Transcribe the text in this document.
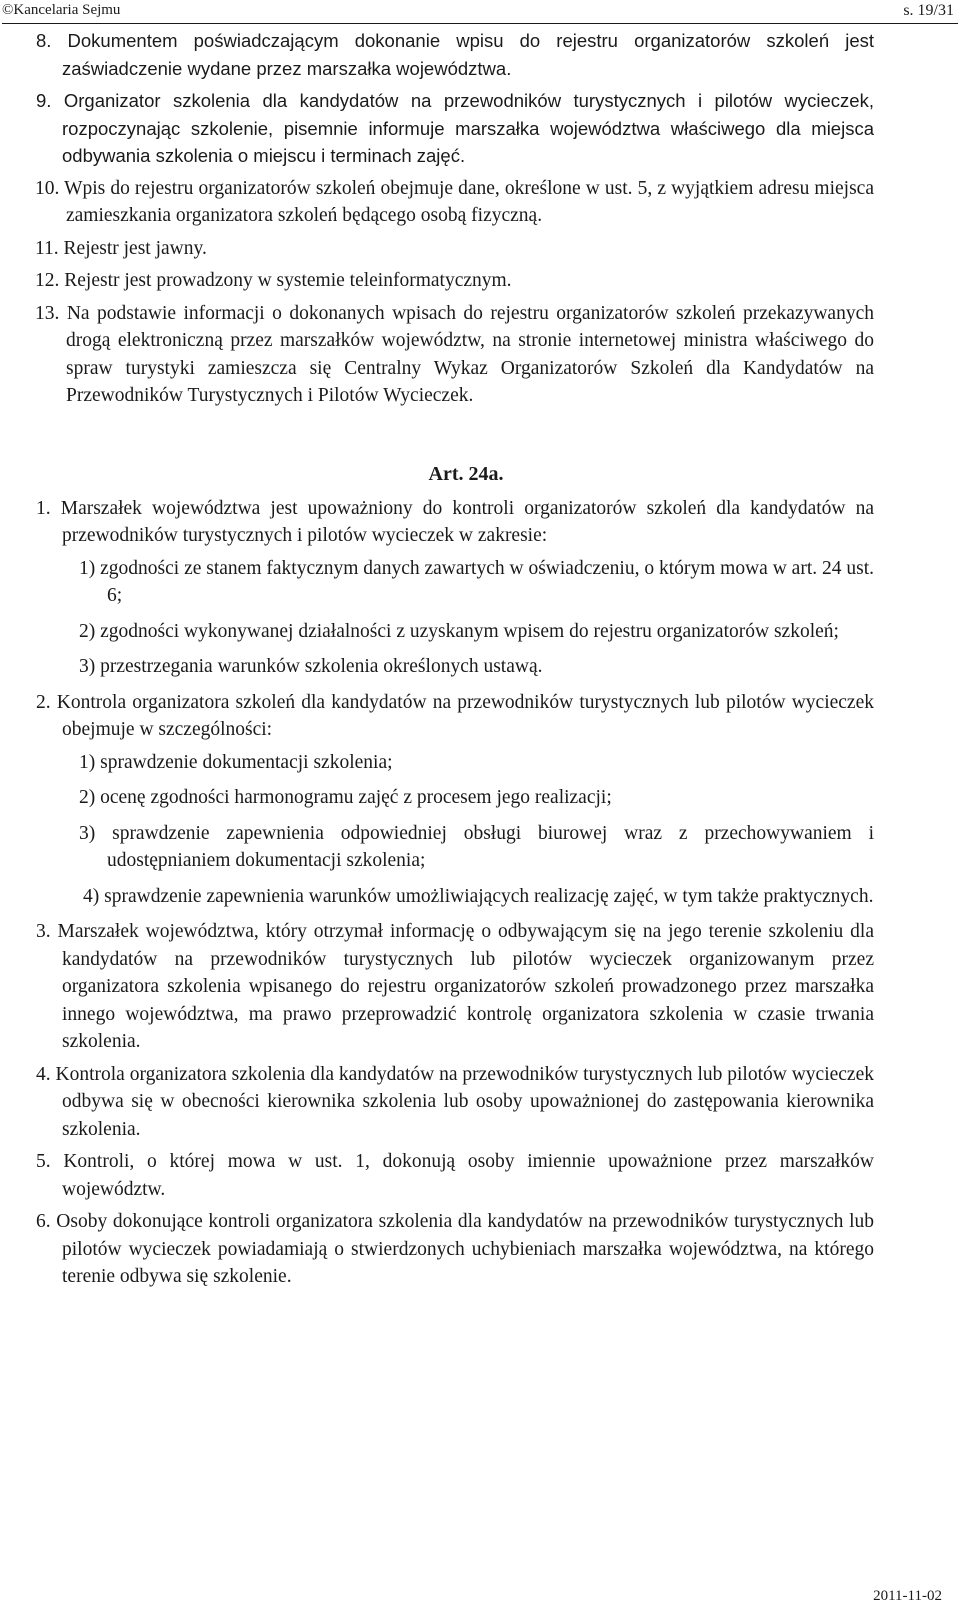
©Kancelaria Sejmu	s. 19/31

8. Dokumentem poświadczającym dokonanie wpisu do rejestru organizatorów szkoleń jest zaświadczenie wydane przez marszałka województwa.

9. Organizator szkolenia dla kandydatów na przewodników turystycznych i pilotów wycieczek, rozpoczynając szkolenie, pisemnie informuje marszałka województwa właściwego dla miejsca odbywania szkolenia o miejscu i terminach zajęć.

10. Wpis do rejestru organizatorów szkoleń obejmuje dane, określone w ust. 5, z wyjątkiem adresu miejsca zamieszkania organizatora szkoleń będącego osobą fizyczną.

11. Rejestr jest jawny.

12. Rejestr jest prowadzony w systemie teleinformatycznym.

13. Na podstawie informacji o dokonanych wpisach do rejestru organizatorów szkoleń przekazywanych drogą elektroniczną przez marszałków województw, na stronie internetowej ministra właściwego do spraw turystyki zamieszcza się Centralny Wykaz Organizatorów Szkoleń dla Kandydatów na Przewodników Turystycznych i Pilotów Wycieczek.

Art. 24a.

1. Marszałek województwa jest upoważniony do kontroli organizatorów szkoleń dla kandydatów na przewodników turystycznych i pilotów wycieczek w zakresie:

1) zgodności ze stanem faktycznym danych zawartych w oświadczeniu, o którym mowa w art. 24 ust. 6;

2) zgodności wykonywanej działalności z uzyskanym wpisem do rejestru organizatorów szkoleń;

3) przestrzegania warunków szkolenia określonych ustawą.

2. Kontrola organizatora szkoleń dla kandydatów na przewodników turystycznych lub pilotów wycieczek obejmuje w szczególności:

1) sprawdzenie dokumentacji szkolenia;

2) ocenę zgodności harmonogramu zajęć z procesem jego realizacji;

3) sprawdzenie zapewnienia odpowiedniej obsługi biurowej wraz z przechowywaniem i udostępnianiem dokumentacji szkolenia;

4) sprawdzenie zapewnienia warunków umożliwiających realizację zajęć, w tym także praktycznych.

3. Marszałek województwa, który otrzymał informację o odbywającym się na jego terenie szkoleniu dla kandydatów na przewodników turystycznych lub pilotów wycieczek organizowanym przez organizatora szkolenia wpisanego do rejestru organizatorów szkoleń prowadzonego przez marszałka innego województwa, ma prawo przeprowadzić kontrolę organizatora szkolenia w czasie trwania szkolenia.

4. Kontrola organizatora szkolenia dla kandydatów na przewodników turystycznych lub pilotów wycieczek odbywa się w obecności kierownika szkolenia lub osoby upoważnionej do zastępowania kierownika szkolenia.

5. Kontroli, o której mowa w ust. 1, dokonują osoby imiennie upoważnione przez marszałków województw.

6. Osoby dokonujące kontroli organizatora szkolenia dla kandydatów na przewodników turystycznych lub pilotów wycieczek powiadamiają o stwierdzonych uchybieniach marszałka województwa, na którego terenie odbywa się szkolenie.

2011-11-02
